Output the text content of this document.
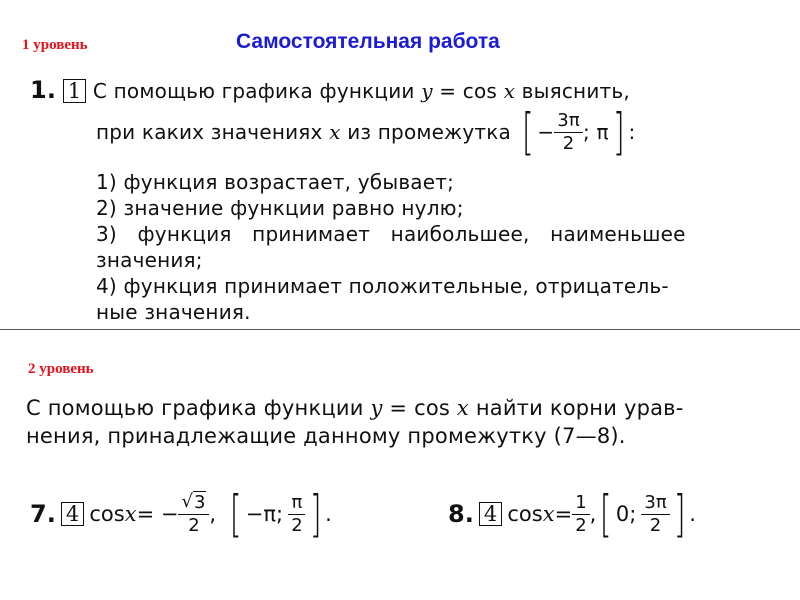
1 уровень	Самостоятельная работа
1. 1 С помощью графика функции y = cos x выяснить,
при каких значениях
x
из промежутка
[ − $\frac{3\pi}{2}$ ;
π ] :
1) функция возрастает, убывает;
2) значение функции равно нулю;
3) функция принимает наибольшее, наименьшее
значения;
4) функция принимает положительные, отрицатель-
ные значения.
2 уровень
С помощью графика функции y = cos x найти корни урав-
нения, принадлежащие данному промежутку (7—8).
7.
4
cos x = − $\frac{√ 3}{2}$ ,
[ −π ;
$\frac{\pi}{2}$ ] .	8.
4
$\cos x = \frac{1}{2}$ , [ 0;
$\frac{3\pi}{2}$ ] .
